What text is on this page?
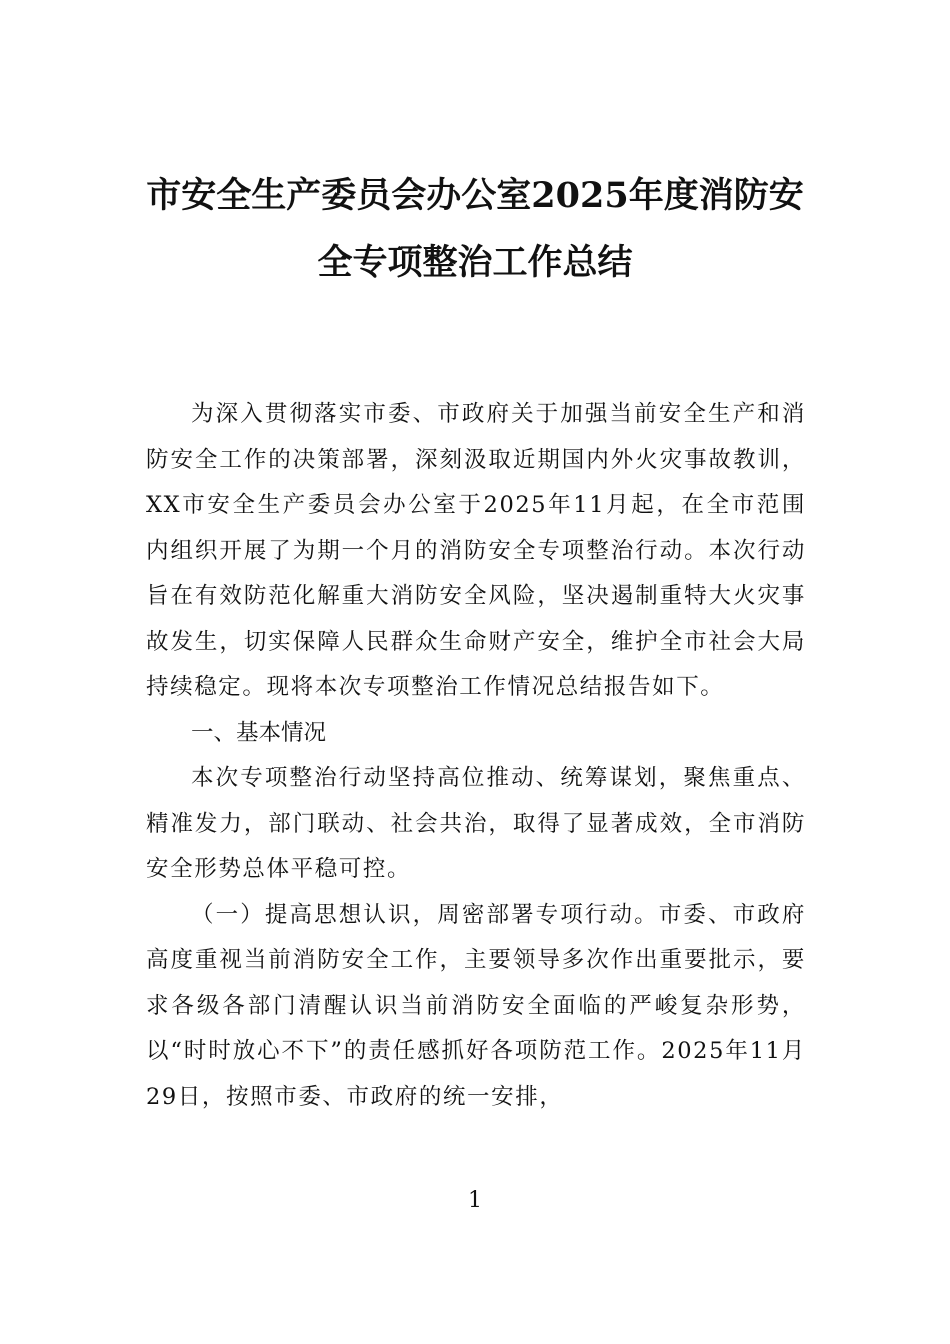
市安全生产委员会办公室2025年度消防安
全专项整治工作总结

为深入贯彻落实市委、市政府关于加强当前安全生产和消防安全工作的决策部署，深刻汲取近期国内外火灾事故教训，XX市安全生产委员会办公室于2025年11月起，在全市范围内组织开展了为期一个月的消防安全专项整治行动。本次行动旨在有效防范化解重大消防安全风险，坚决遏制重特大火灾事故发生，切实保障人民群众生命财产安全，维护全市社会大局持续稳定。现将本次专项整治工作情况总结报告如下。

一、基本情况

本次专项整治行动坚持高位推动、统筹谋划，聚焦重点、精准发力，部门联动、社会共治，取得了显著成效，全市消防安全形势总体平稳可控。

（一）提高思想认识，周密部署专项行动。市委、市政府高度重视当前消防安全工作，主要领导多次作出重要批示，要求各级各部门清醒认识当前消防安全面临的严峻复杂形势，以“时时放心不下”的责任感抓好各项防范工作。2025年11月29日，按照市委、市政府的统一安排，

1
